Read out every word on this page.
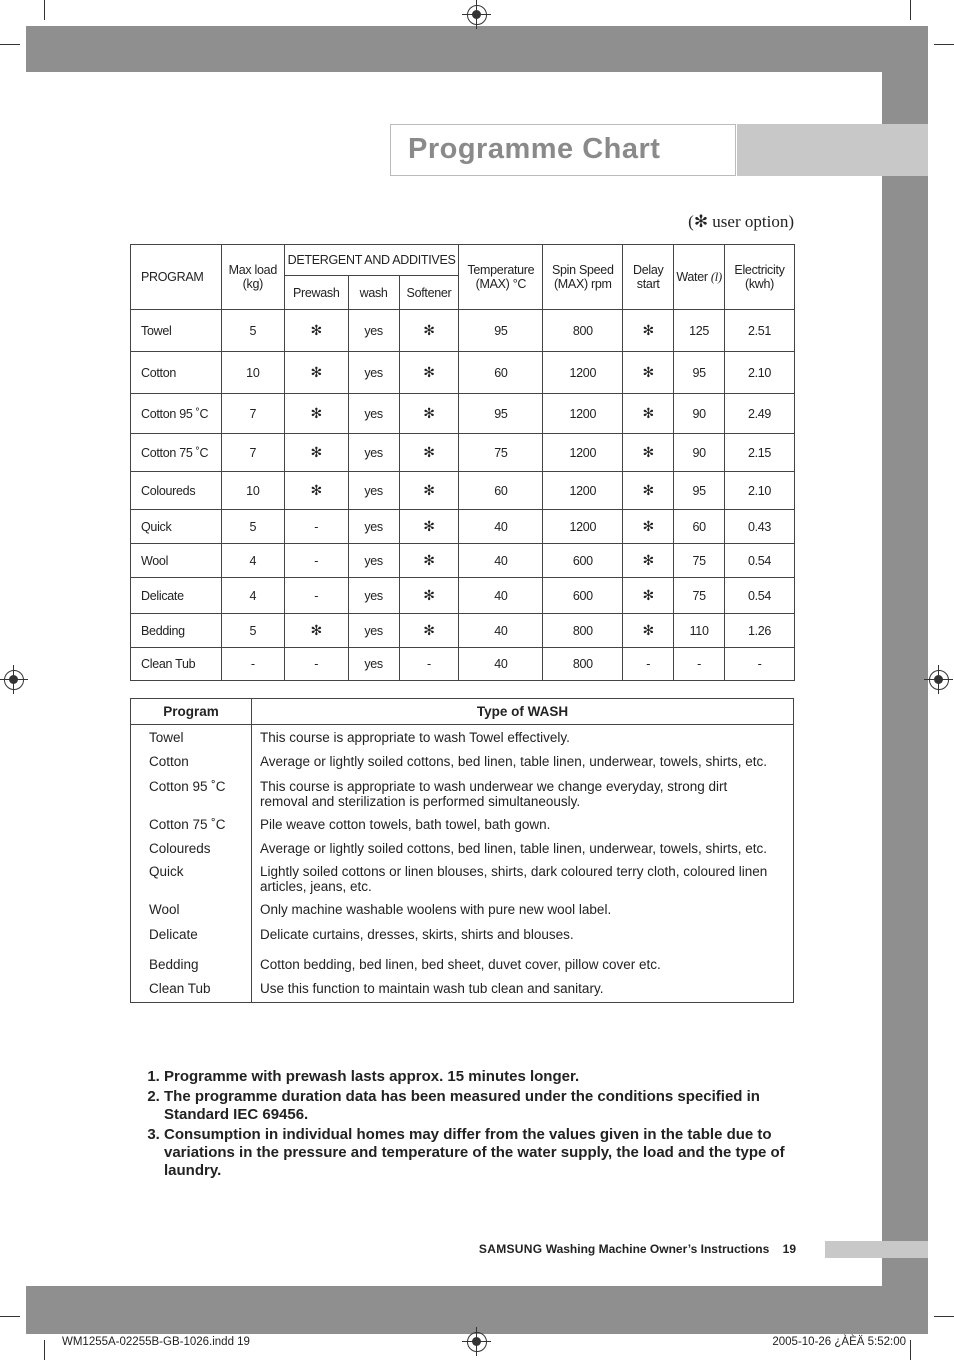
Programme Chart
(✻ user option)
PROGRAM	Max load (kg)	DETERGENT AND ADDITIVES			Temperature (MAX) °C	Spin Speed (MAX) rpm	Delay start	Water (l)	Electricity (kwh)
		Prewash	wash	Softener					
Towel	5	✻	yes	✻	95	800	✻	125	2.51
Cotton	10	✻	yes	✻	60	1200	✻	95	2.10
Cotton 95 ˚C	7	✻	yes	✻	95	1200	✻	90	2.49
Cotton 75 ˚C	7	✻	yes	✻	75	1200	✻	90	2.15
Coloureds	10	✻	yes	✻	60	1200	✻	95	2.10
Quick	5	-	yes	✻	40	1200	✻	60	0.43
Wool	4	-	yes	✻	40	600	✻	75	0.54
Delicate	4	-	yes	✻	40	600	✻	75	0.54
Bedding	5	✻	yes	✻	40	800	✻	110	1.26
Clean Tub	-	-	yes	-	40	800	-	-	-
Program	Type of WASH
Towel	This course is appropriate to wash Towel effectively.
Cotton	Average or lightly soiled cottons, bed linen, table linen, underwear, towels, shirts, etc.
Cotton 95 ˚C	This course is appropriate to wash underwear we change everyday, strong dirt removal and sterilization is performed simultaneously.
Cotton 75 ˚C	Pile weave cotton towels, bath towel, bath gown.
Coloureds	Average or lightly soiled cottons, bed linen, table linen, underwear, towels, shirts, etc.
Quick	Lightly soiled cottons or linen blouses, shirts, dark coloured terry cloth, coloured linen articles, jeans, etc.
Wool	Only machine washable woolens with pure new wool label.
Delicate	Delicate curtains, dresses, skirts, shirts and blouses.
Bedding	Cotton bedding, bed linen, bed sheet, duvet cover, pillow cover etc.
Clean Tub	Use this function to maintain wash tub clean and sanitary.
1. Programme with prewash lasts approx. 15 minutes longer.
2. The programme duration data has been measured under the conditions specified in Standard IEC 69456.
3. Consumption in individual homes may differ from the values given in the table due to variations in the pressure and temperature of the water supply, the load and the type of laundry.
SAMSUNG Washing Machine Owner’s Instructions 19
WM1255A-02255B-GB-1026.indd 19	2005-10-26 ¿ÀÈÄ 5:52:00
